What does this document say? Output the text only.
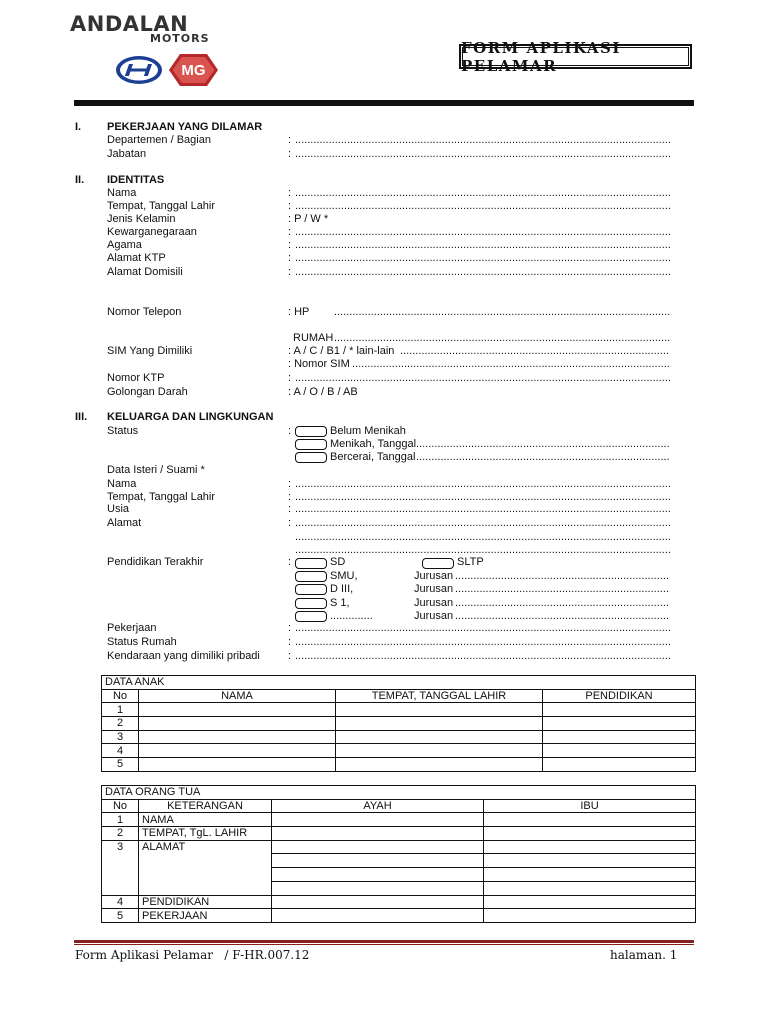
ANDALAN
MOTORS
MG
FORM APLIKASI PELAMAR
I. PEKERJAAN YANG DILAMAR
Departemen / Bagian	:
.....
Jabatan	:
.....
II. IDENTITAS
Nama	:
.....
Tempat, Tanggal Lahir	:
.....
Jenis Kelamin	: P / W *
Kewarganegaraan	:
.....
Agama	:
.....
Alamat KTP	:
.....
Alamat Domisili	:
.....
Nomor Telepon	: HP
.....
RUMAH
.....
SIM Yang Dimiliki	: A / C / B1 / * lain-lain
.....
: Nomor SIM
.....
Nomor KTP	:
.....
Golongan Darah	: A / O / B / AB
III. KELUARGA DAN LINGKUNGAN
Status	:	Belum Menikah
Menikah, Tanggal
.....
Bercerai, Tanggal
.....
Data Isteri / Suami *
Nama	:
.....
Tempat, Tanggal Lahir	:
.....
Usia	:
.....
Alamat	:
.....
.....
.....
Pendidikan Terakhir	:	SD	SLTP
SMU,	Jurusan
.....
D III,	Jurusan
.....
S 1,	Jurusan
.....
..............	Jurusan
.....
Pekerjaan	:
.....
Status Rumah	:
.....
Kendaraan yang dimiliki pribadi	:
.....
DATA ANAK			
No	NAMA	TEMPAT, TANGGAL LAHIR	PENDIDIKAN
1			
2			
3			
4			
5			
DATA ORANG TUA			
No	KETERANGAN	AYAH	IBU
1	NAMA		
2	TEMPAT, TgL. LAHIR		
3	ALAMAT		

4	PENDIDIKAN		
5	PEKERJAAN		
Form Aplikasi Pelamar   / F-HR.007.12	halaman. 1
